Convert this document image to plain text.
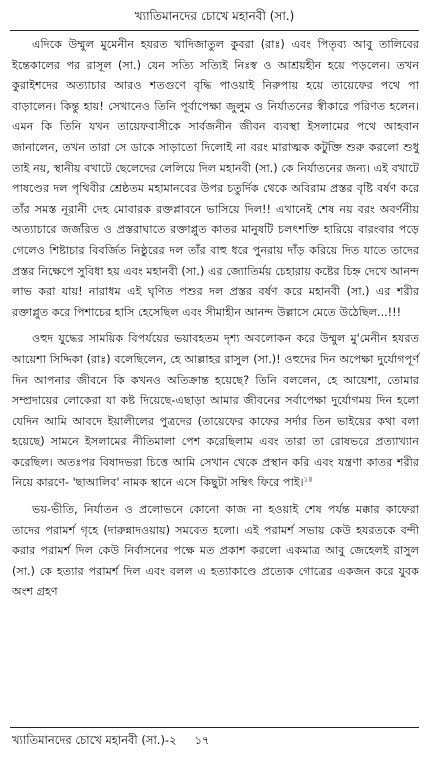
খ্যাতিমানদের চোখে মহানবী (সা.)

এদিকে উম্মুল মুমেনীন হযরত খাদিজাতুল কুবরা (রাঃ) এবং পিতৃব্য আবু তালিবের ইন্তেকালের পর রাসূল (সা.) যেন সত্যি সত্যিই নিঃস্ব ও আশ্রয়হীন হয়ে পড়লেন। তখন কুরাইশদের অত্যাচার আরও শতগুণে বৃদ্ধি পাওয়াই নিরুপায় হয়ে তায়েফের পথে পা বাড়ালেন। কিন্তু হায়! সেখানেও তিনি পূর্বাপেক্ষা জুলুম ও নির্যাতনের স্বীকারে পরিণত হলেন। এমন কি তিনি যখন তায়েফবাসীকে সার্বজনীন জীবন ব্যবস্থা ইসলামের পথে আহবান জানালেন, তখন তারা সে ডাকে সাড়াতো দিলোই না বরং মারাত্মক কটুক্তি শুরু করলো শুধু তাই নয়, স্থানীয় বখাটে ছেলেদের লেলিয়ে দিল মহানবী (সা.) কে নির্যাতনের জন্য। এই বখাটে পাষণ্ডের দল পৃথিবীর শ্রেষ্ঠতম মহামানবের উপর চতুর্দিক থেকে অবিরাম প্রস্তর বৃষ্টি বর্ষণ করে তাঁর সমস্ত নূরানী দেহ মোবারক রক্তপ্লাবনে ভাসিয়ে দিল!! এখানেই শেষ নয় বরং অবর্ণনীয় অত্যাচারে জর্জরিত ও প্রস্তরাঘাতে রক্তাপ্লুত কাতর মানুষটি চলৎশক্তি হারিয়ে বারংবার পড়ে গেলেও শিষ্টাচার বিবর্জিত নিষ্ঠুরের দল তাঁর বাহু ধরে পুনরায় দাঁড় করিয়ে দিত যাতে তাদের প্রস্তর নিক্ষেপে সুবিধা হয় এবং মহানবী (সা.) এর জ্যোতির্ময় চেহারায় কষ্টের চিহ্ন দেখে আনন্দ লাভ করা যায়! নারাধম এই ঘৃণিত পশুর দল প্রস্তর বর্ষণ করে মহানবী (সা.) এর শরীর রক্তাপ্লুত করে পিশাচের হাসি হেসেছিল এবং সীমাহীন আনন্দ উল্লাসে মেতে উঠেছিল...!!!

ওহুদ যুদ্ধের সাময়িক বিপর্যয়ের ভয়াবহতম দৃশ্য অবলোকন করে উম্মুল মু'মেনীন হযরত আয়েশা সিদ্দিকা (রাঃ) বলেছিলেন, হে আল্লাহর রাসুল (সা.)! ওহুদের দিন অপেক্ষা দুর্যোগপূর্ণ দিন আপনার জীবনে কি কখনও অতিক্রান্ত হয়েছে? তিনি বললেন, হে আয়েশা, তোমার সম্প্রদায়ের লোকেরা যা কষ্ট দিয়েছে-এছাড়া আমার জীবনের সর্বাপেক্ষা দুর্যোগময় দিন হলো যেদিন আমি আবদে ইয়ালীলের পুত্রদের (তায়েফের কাফের সর্দার তিন ভাইয়ের কথা বলা হয়েছে) সামনে ইসলামের নীতিমালা পেশ করেছিলাম এবং তারা তা রোষভরে প্রত্যাখ্যান করেছিল। অতঃপর বিষাদভরা চিত্তে আমি সেখান থেকে প্রস্থান করি এবং যন্ত্রণা কাতর শরীর নিয়ে কারণে- 'ছাআলিব' নামক স্থানে এসে কিছুটা সম্বিৎ ফিরে পাই।$^{১৪}$

ভয়-ভীতি, নির্যাতন ও প্রলোভনে কোনো কাজ না হওয়াই শেষ পর্যন্ত মক্কার কাফেরা তাদের পরামর্শ গৃহে (দারুন্নাদওয়ায়) সমবেত হলো। এই পরামর্শ সভায় কেউ হযরতকে বন্দী করার পরামর্শ দিল কেউ নির্বাসনের পক্ষে মত প্রকাশ করলো একমাত্র আবু জেহেলই রাসুল (সা.) কে হত্যার পরামর্শ দিল এবং বলল এ হত্যাকাণ্ডে প্রত্যেক গোত্রের একজন করে যুবক অংশ গ্রহণ

খ্যাতিমানদের চোখে মহানবী (সা.)-২ ১৭
